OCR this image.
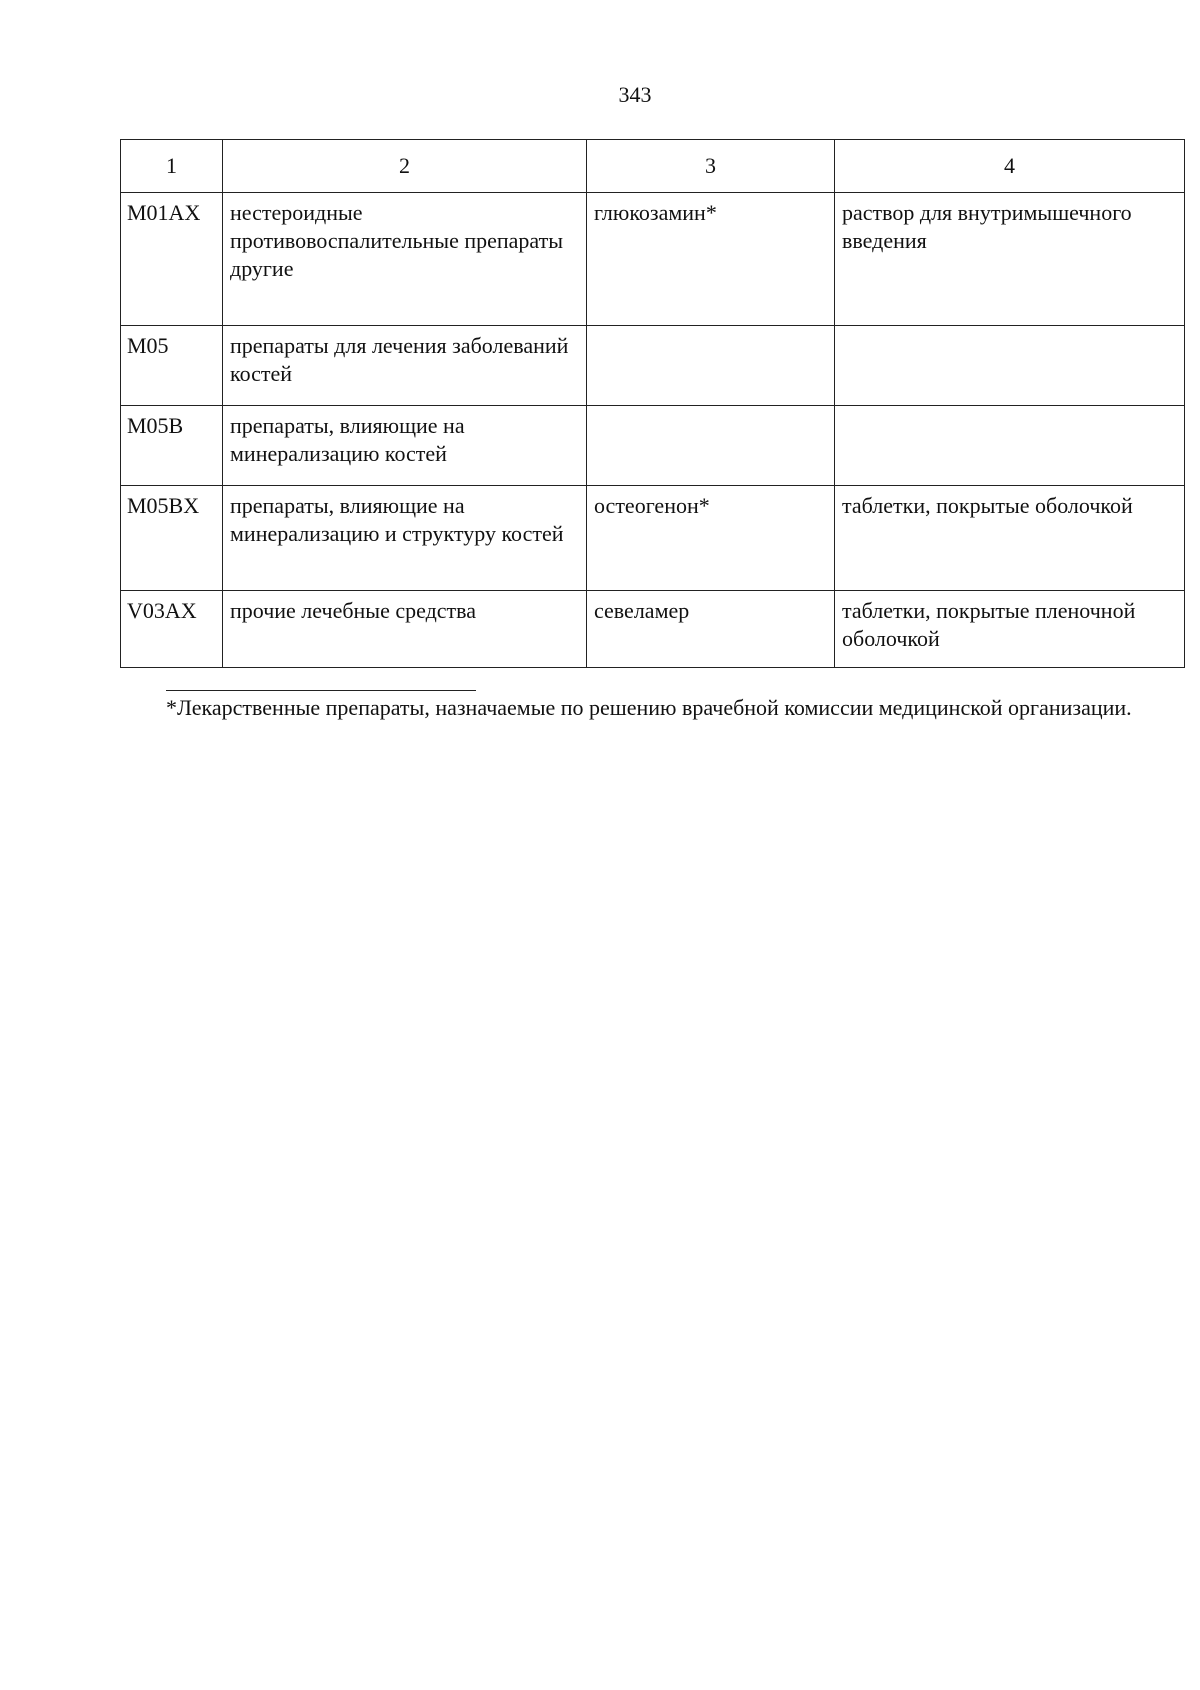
343
1	2	3	4
M01AX	нестероидные противовоспалительные препараты другие	глюкозамин*	раствор для внутримышечного введения
M05	препараты для лечения заболеваний костей		
M05B	препараты, влияющие на минерализацию костей		
M05BX	препараты, влияющие на минерализацию и структуру костей	остеогенон*	таблетки, покрытые оболочкой
V03AX	прочие лечебные средства	севеламер	таблетки, покрытые пленочной оболочкой
*Лекарственные препараты, назначаемые по решению врачебной комиссии медицинской организации.
